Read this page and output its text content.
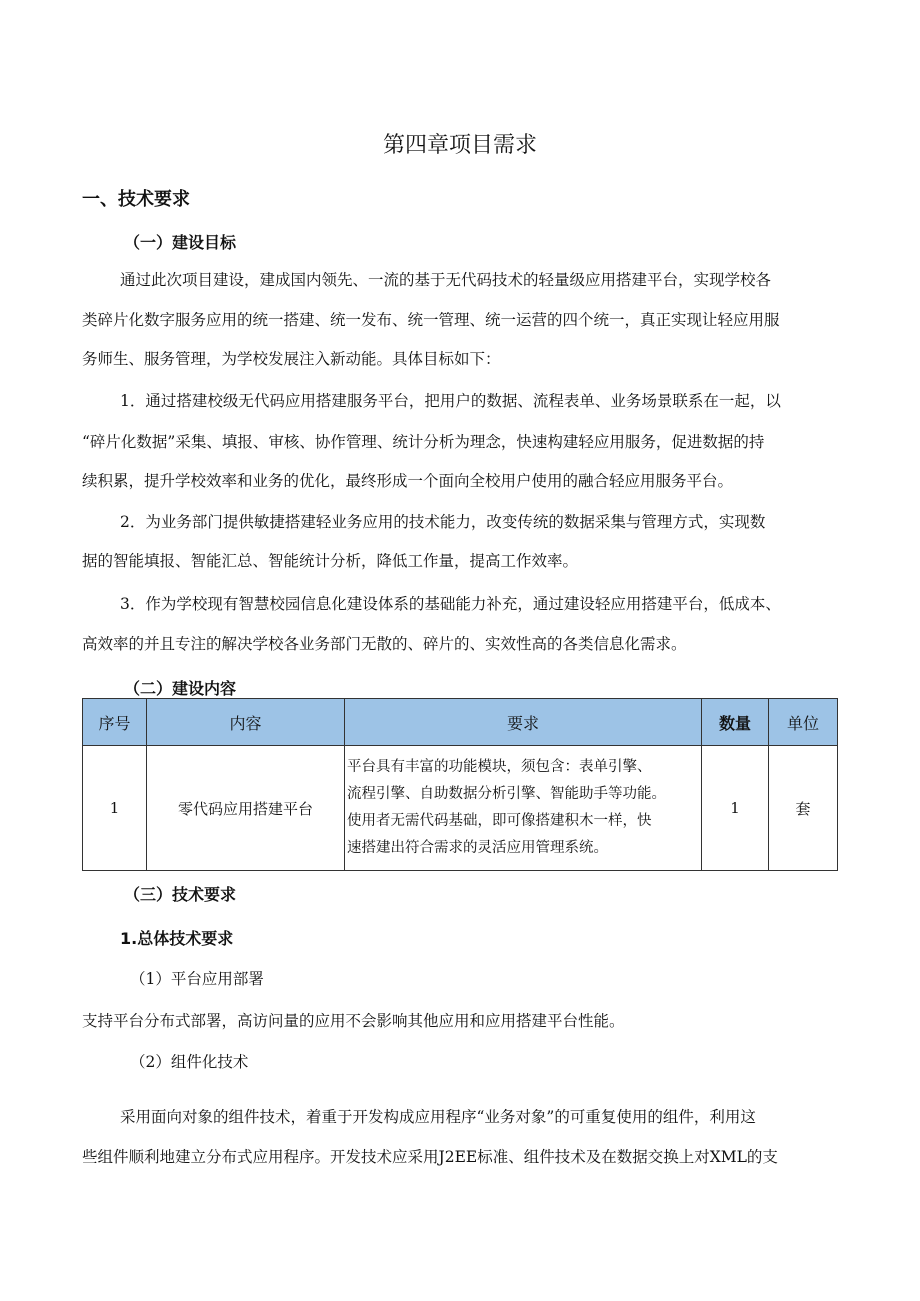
第四章项目需求
一、技术要求
（一）建设目标
通过此次项目建设，建成国内领先、一流的基于无代码技术的轻量级应用搭建平台，实现学校各
类碎片化数字服务应用的统一搭建、统一发布、统一管理、统一运营的四个统一，真正实现让轻应用服
务师生、服务管理，为学校发展注入新动能。具体目标如下：
1．通过搭建校级无代码应用搭建服务平台，把用户的数据、流程表单、业务场景联系在一起，以
“碎片化数据”采集、填报、审核、协作管理、统计分析为理念，快速构建轻应用服务，促进数据的持
续积累，提升学校效率和业务的优化，最终形成一个面向全校用户使用的融合轻应用服务平台。
2．为业务部门提供敏捷搭建轻业务应用的技术能力，改变传统的数据采集与管理方式，实现数
据的智能填报、智能汇总、智能统计分析，降低工作量，提高工作效率。
3．作为学校现有智慧校园信息化建设体系的基础能力补充，通过建设轻应用搭建平台，低成本、
高效率的并且专注的解决学校各业务部门无散的、碎片的、实效性高的各类信息化需求。
（二）建设内容
序号	内容	要求	数量	单位
1	零代码应用搭建平台	平台具有丰富的功能模块，须包含：表单引擎、
流程引擎、自助数据分析引擎、智能助手等功能。
使用者无需代码基础，即可像搭建积木一样，快
速搭建出符合需求的灵活应用管理系统。	1	套
（三）技术要求
1.总体技术要求
（1）平台应用部署
支持平台分布式部署，高访问量的应用不会影响其他应用和应用搭建平台性能。
（2）组件化技术
采用面向对象的组件技术，着重于开发构成应用程序“业务对象”的可重复使用的组件，利用这
些组件顺利地建立分布式应用程序。开发技术应采用J2EE标准、组件技术及在数据交换上对XML的支
